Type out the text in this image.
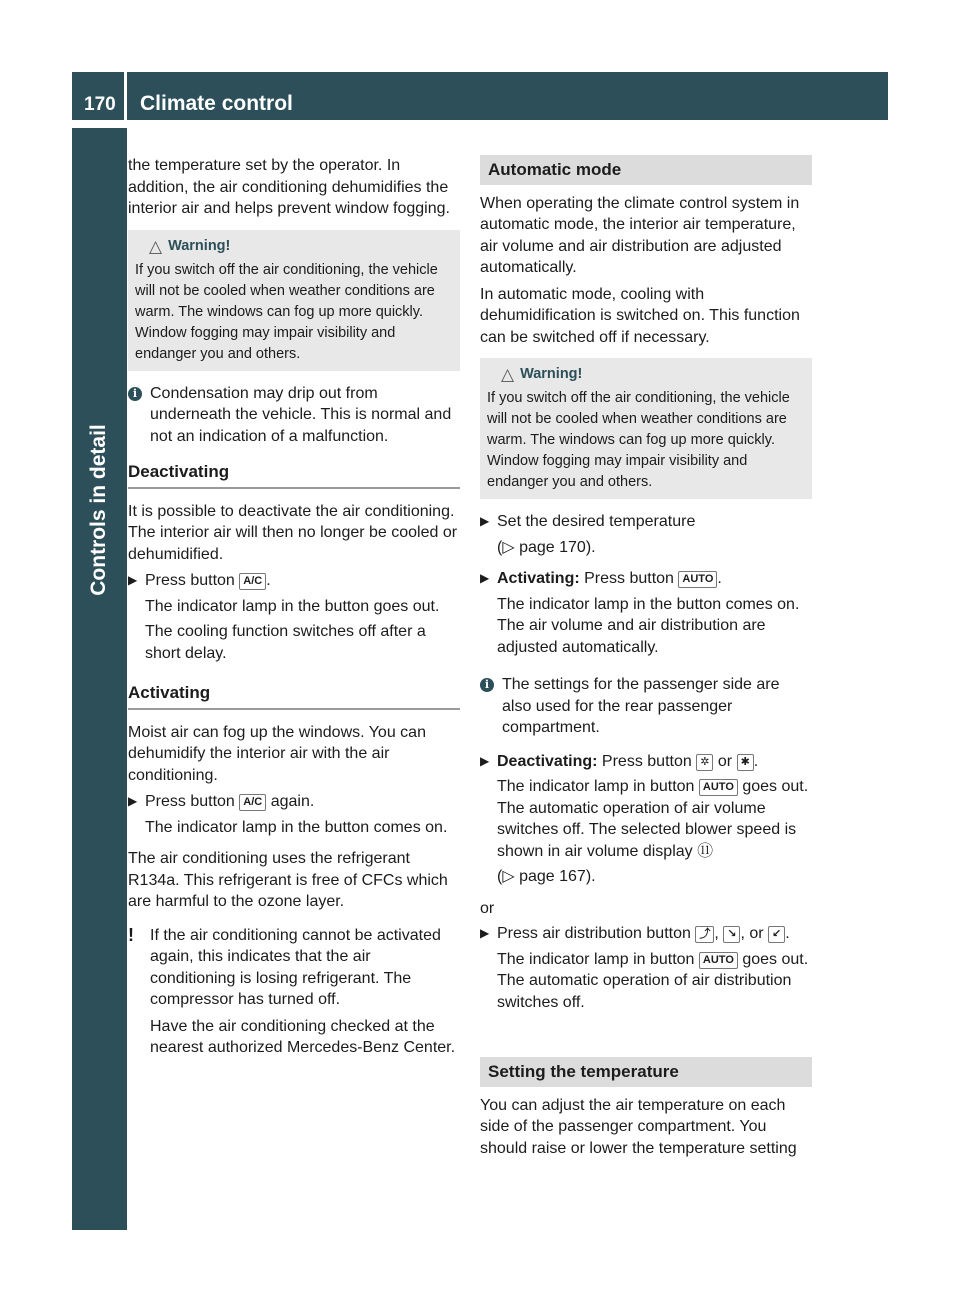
170 Climate control
Controls in detail

the temperature set by the operator. In addition, the air conditioning dehumidifies the interior air and helps prevent window fogging.

△ Warning!
If you switch off the air conditioning, the vehicle will not be cooled when weather conditions are warm. The windows can fog up more quickly. Window fogging may impair visibility and endanger you and others.
i Condensation may drip out from underneath the vehicle. This is normal and not an indication of a malfunction.
Deactivating

It is possible to deactivate the air conditioning. The interior air will then no longer be cooled or dehumidified.

▶ Press button A/C .

The indicator lamp in the button goes out.

The cooling function switches off after a short delay.

Activating

Moist air can fog up the windows. You can dehumidify the interior air with the air conditioning.

▶ Press button A/C again.

The indicator lamp in the button comes on.

The air conditioning uses the refrigerant R134a. This refrigerant is free of CFCs which are harmful to the ozone layer.

!	If the air conditioning cannot be activated again, this indicates that the air conditioning is losing refrigerant. The compressor has turned off.

Have the air conditioning checked at the nearest authorized Mercedes-Benz Center.

Automatic mode

When operating the climate control system in automatic mode, the interior air temperature, air volume and air distribution are adjusted automatically.

In automatic mode, cooling with dehumidification is switched on. This function can be switched off if necessary.

△ Warning!
If you switch off the air conditioning, the vehicle will not be cooled when weather conditions are warm. The windows can fog up more quickly. Window fogging may impair visibility and endanger you and others.
▶ Set the desired temperature

(▷ page 170).

▶ Activating: Press button AUTO .

The indicator lamp in the button comes on. The air volume and air distribution are adjusted automatically.

i The settings for the passenger side are also used for the rear passenger compartment.
▶ Deactivating: Press button ✲ or ✱ .

The indicator lamp in button AUTO goes out. The automatic operation of air volume switches off. The selected blower speed is shown in air volume display ⑪

(▷ page 167).

or

▶ Press air distribution button ⤴ , ↘ , or ↙ .

The indicator lamp in button AUTO goes out. The automatic operation of air distribution switches off.

Setting the temperature

You can adjust the air temperature on each side of the passenger compartment. You should raise or lower the temperature setting
